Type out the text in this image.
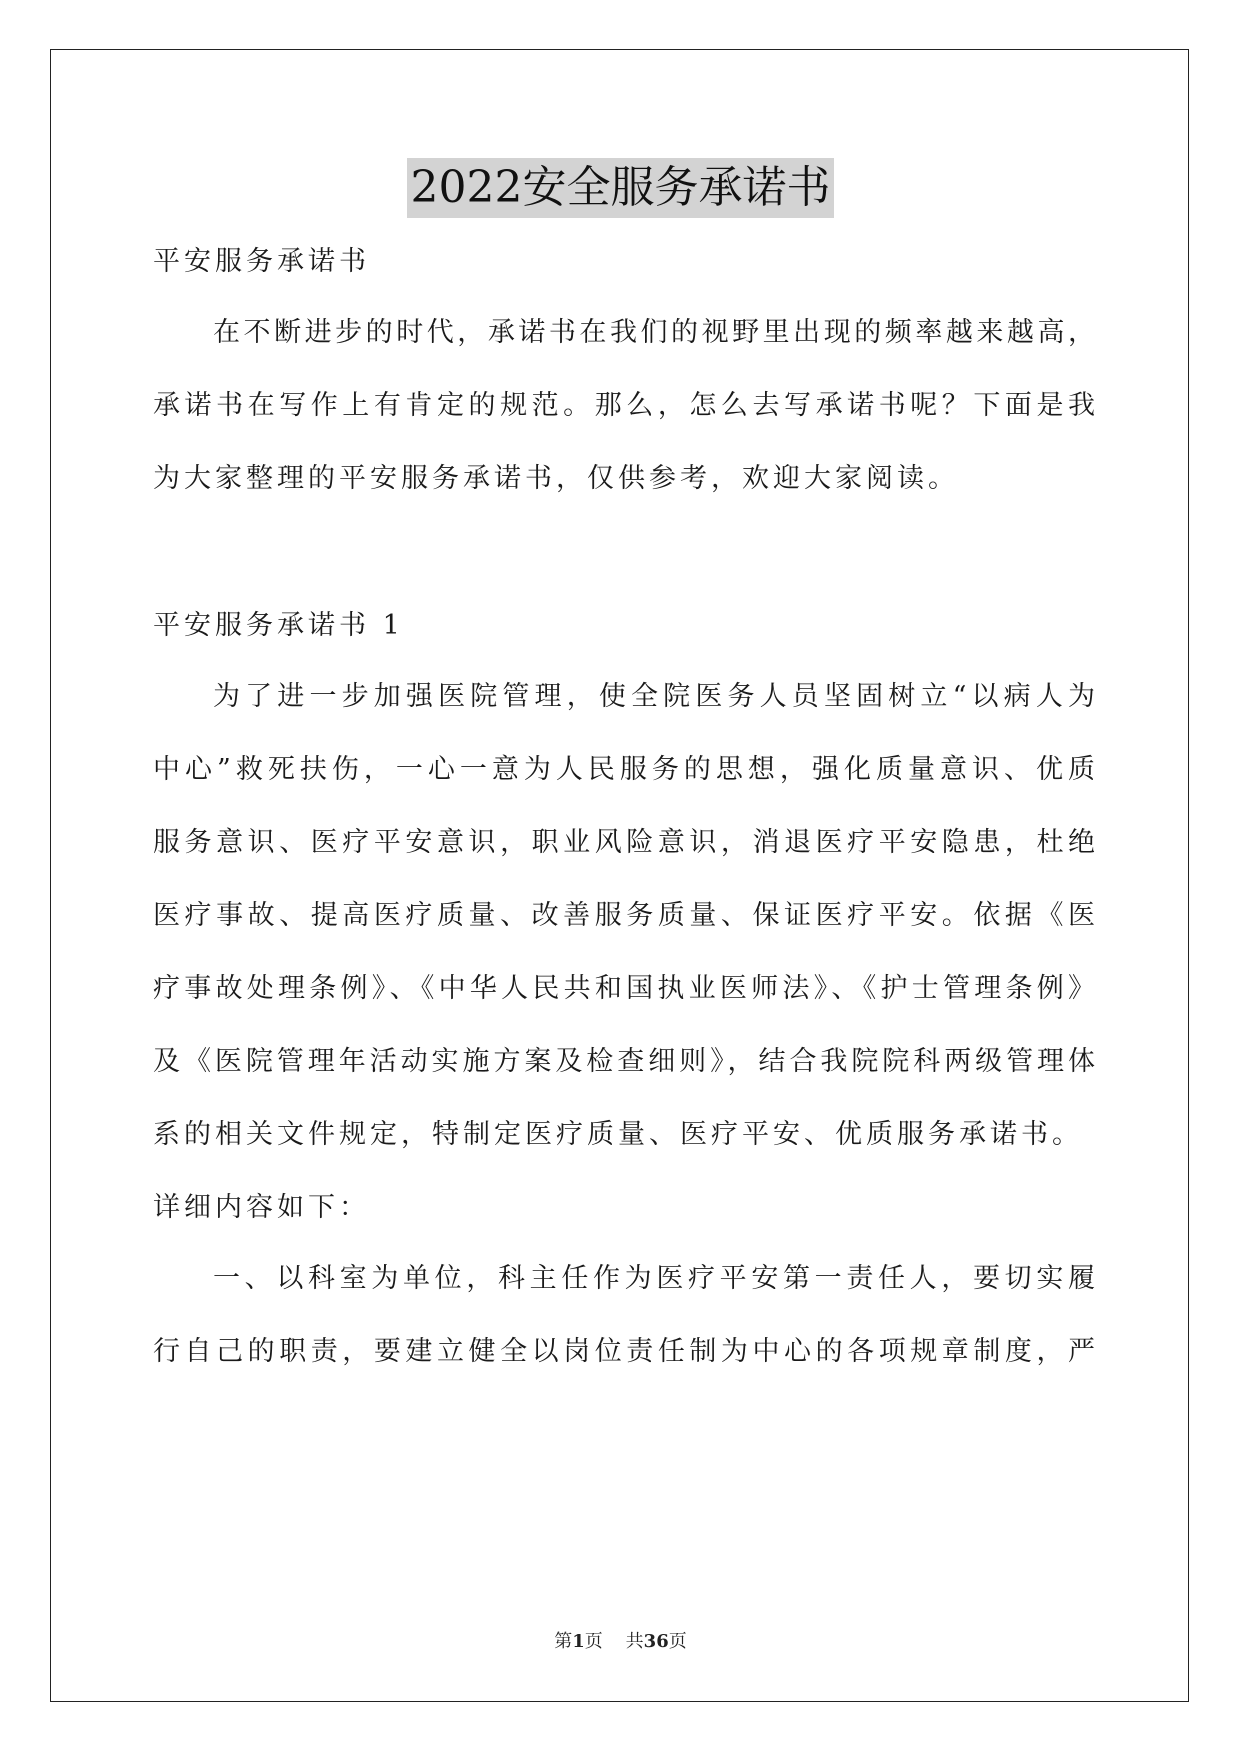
2022安全服务承诺书
平安服务承诺书
在不断进步的时代，承诺书在我们的视野里出现的频率越来越高，
承诺书在写作上有肯定的规范。那么，怎么去写承诺书呢？下面是我
为大家整理的平安服务承诺书，仅供参考，欢迎大家阅读。
平安服务承诺书 1
为了进一步加强医院管理，使全院医务人员坚固树立“以病人为
中心”救死扶伤，一心一意为人民服务的思想，强化质量意识、优质
服务意识、医疗平安意识，职业风险意识，消退医疗平安隐患，杜绝
医疗事故、提高医疗质量、改善服务质量、保证医疗平安。依据《医
疗事故处理条例》、《中华人民共和国执业医师法》、《护士管理条例》
及《医院管理年活动实施方案及检查细则》，结合我院院科两级管理体
系的相关文件规定，特制定医疗质量、医疗平安、优质服务承诺书。
详细内容如下：
一、以科室为单位，科主任作为医疗平安第一责任人，要切实履
行自己的职责，要建立健全以岗位责任制为中心的各项规章制度，严
第1页 共36页
